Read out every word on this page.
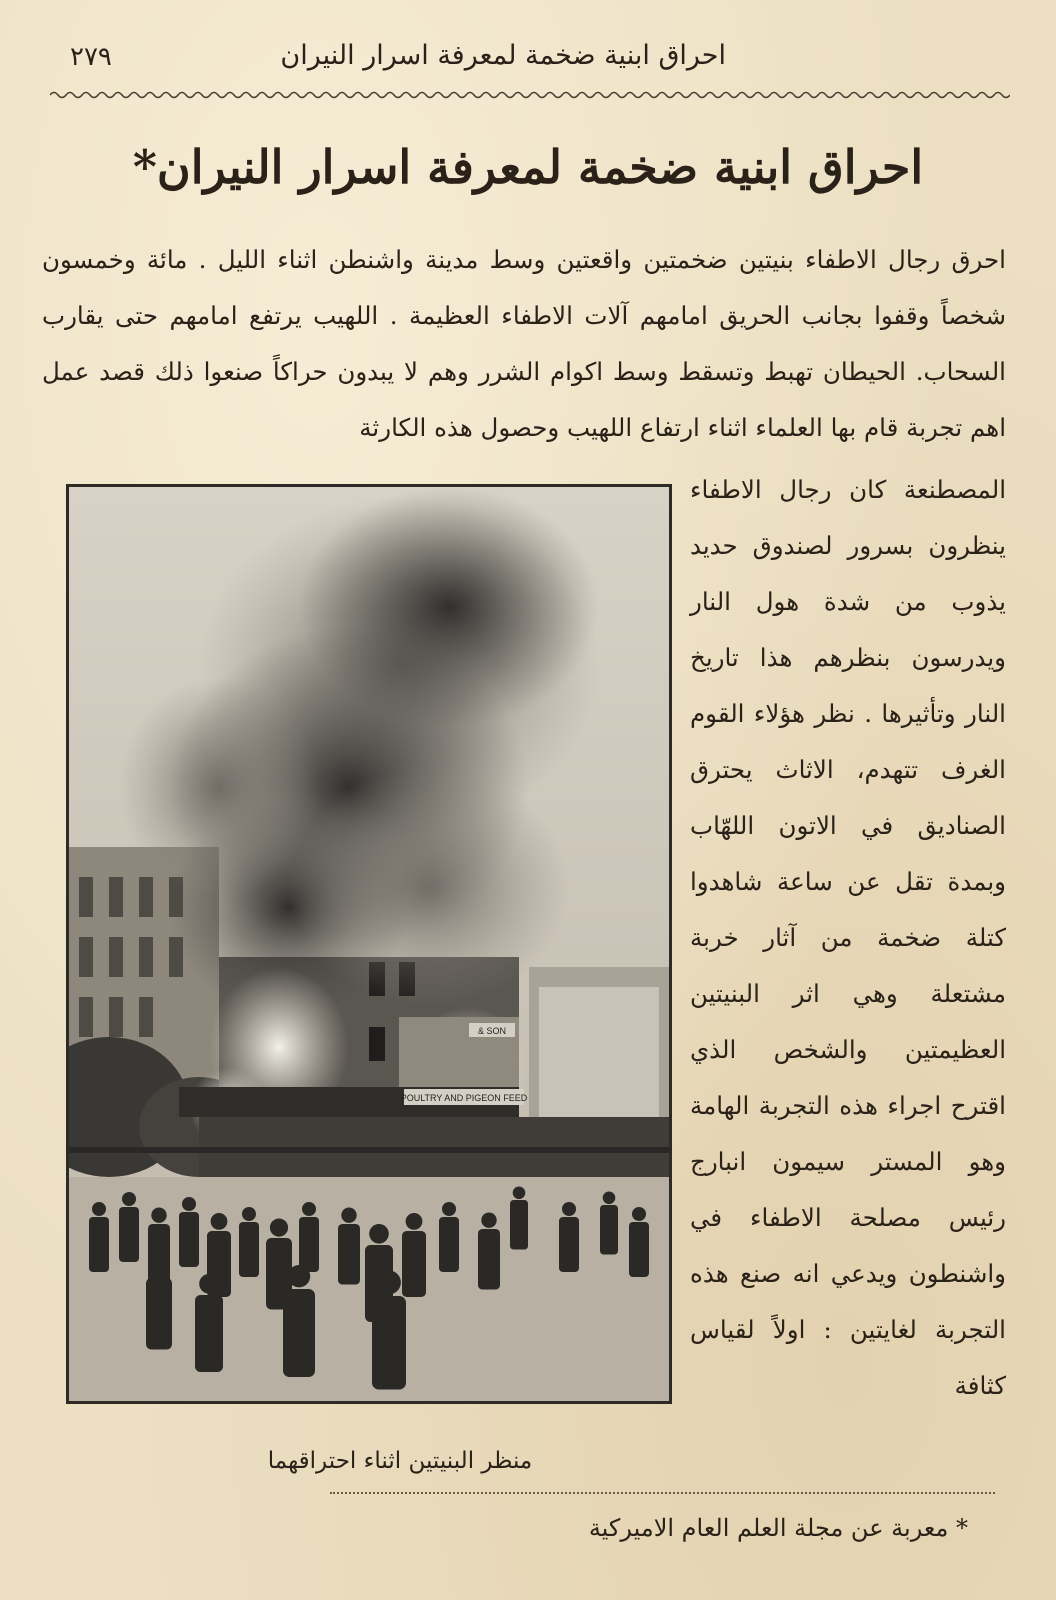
٢٧٩	احراق ابنية ضخمة لمعرفة اسرار النيران
احراق ابنية ضخمة لمعرفة اسرار النيران*
احرق رجال الاطفاء بنيتين ضخمتين واقعتين وسط مدينة واشنطن اثناء الليل . مائة وخمسون شخصاً وقفوا بجانب الحريق امامهم آلات الاطفاء العظيمة . اللهيب يرتفع امامهم حتى يقارب السحاب. الحيطان تهبط وتسقط وسط اكوام الشرر وهم لا يبدون حراكاً صنعوا ذلك قصد عمل اهم تجربة قام بها العلماء اثناء ارتفاع اللهيب وحصول هذه الكارثة
POULTRY AND PIGEON FEED
& SON
المصطنعة كان رجال الاطفاء ينظرون بسرور لصندوق حديد يذوب من شدة هول النار ويدرسون بنظرهم هذا تاريخ النار وتأثيرها . نظر هؤلاء القوم الغرف تتهدم، الاثاث يحترق الصناديق في الاتون اللهّاب وبمدة تقل عن ساعة شاهدوا كتلة ضخمة من آثار خربة مشتعلة وهي اثر البنيتين العظيمتين والشخص الذي اقترح اجراء هذه التجربة الهامة وهو المستر سيمون انبارج رئيس مصلحة الاطفاء في واشنطون ويدعي انه صنع هذه التجربة لغايتين : اولاً لقياس كثافة
منظر البنيتين اثناء احتراقهما
* معربة عن مجلة العلم العام الاميركية
